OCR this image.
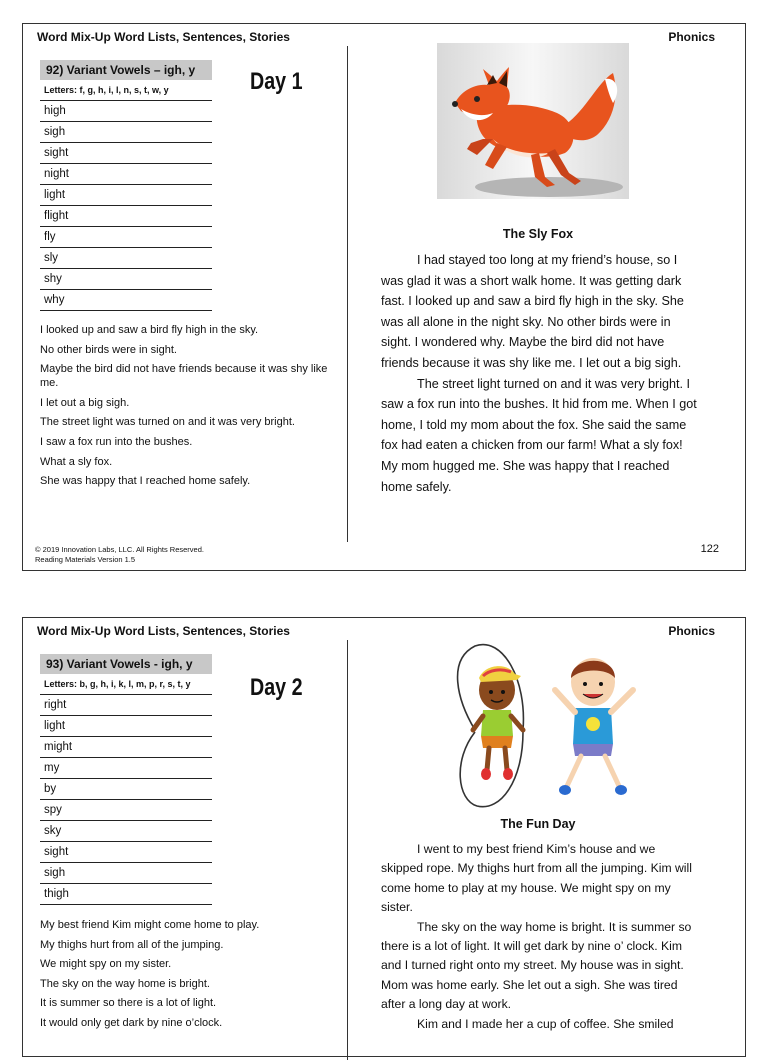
Word Mix-Up Word Lists, Sentences, Stories	Phonics
92) Variant Vowels – igh, y
Letters: f, g, h, i, l, n, s, t, w, y
high
sigh
sight
night
light
flight
fly
sly
shy
why
Day 1
I looked up and saw a bird fly high in the sky.
No other birds were in sight.
Maybe the bird did not have friends because it was shy like me.
I let out a big sigh.
The street light was turned on and it was very bright.
I saw a fox run into the bushes.
What a sly fox.
She was happy that I reached home safely.
The Sly Fox

I had stayed too long at my friend’s house, so I was glad it was a short walk home. It was getting dark fast. I looked up and saw a bird fly high in the sky. She was all alone in the night sky. No other birds were in sight. I wondered why. Maybe the bird did not have friends because it was shy like me. I let out a big sigh.

The street light turned on and it was very bright. I saw a fox run into the bushes. It hid from me. When I got home, I told my mom about the fox. She said the same fox had eaten a chicken from our farm! What a sly fox! My mom hugged me. She was happy that I reached home safely.

© 2019 Innovation Labs, LLC. All Rights Reserved.
Reading Materials Version 1.5
122
Word Mix-Up Word Lists, Sentences, Stories	Phonics
93) Variant Vowels - igh, y
Letters: b, g, h, i, k, l, m, p, r, s, t, y
right
light
might
my
by
spy
sky
sight
sigh
thigh
Day 2
My best friend Kim might come home to play.
My thighs hurt from all of the jumping.
We might spy on my sister.
The sky on the way home is bright.
It is summer so there is a lot of light.
It would only get dark by nine o’clock.
The Fun Day

I went to my best friend Kim’s house and we skipped rope. My thighs hurt from all the jumping. Kim will come home to play at my house. We might spy on my sister.

The sky on the way home is bright. It is summer so there is a lot of light. It will get dark by nine o’ clock. Kim and I turned right onto my street. My house was in sight. Mom was home early. She let out a sigh. She was tired after a long day at work.

Kim and I made her a cup of coffee. She smiled
